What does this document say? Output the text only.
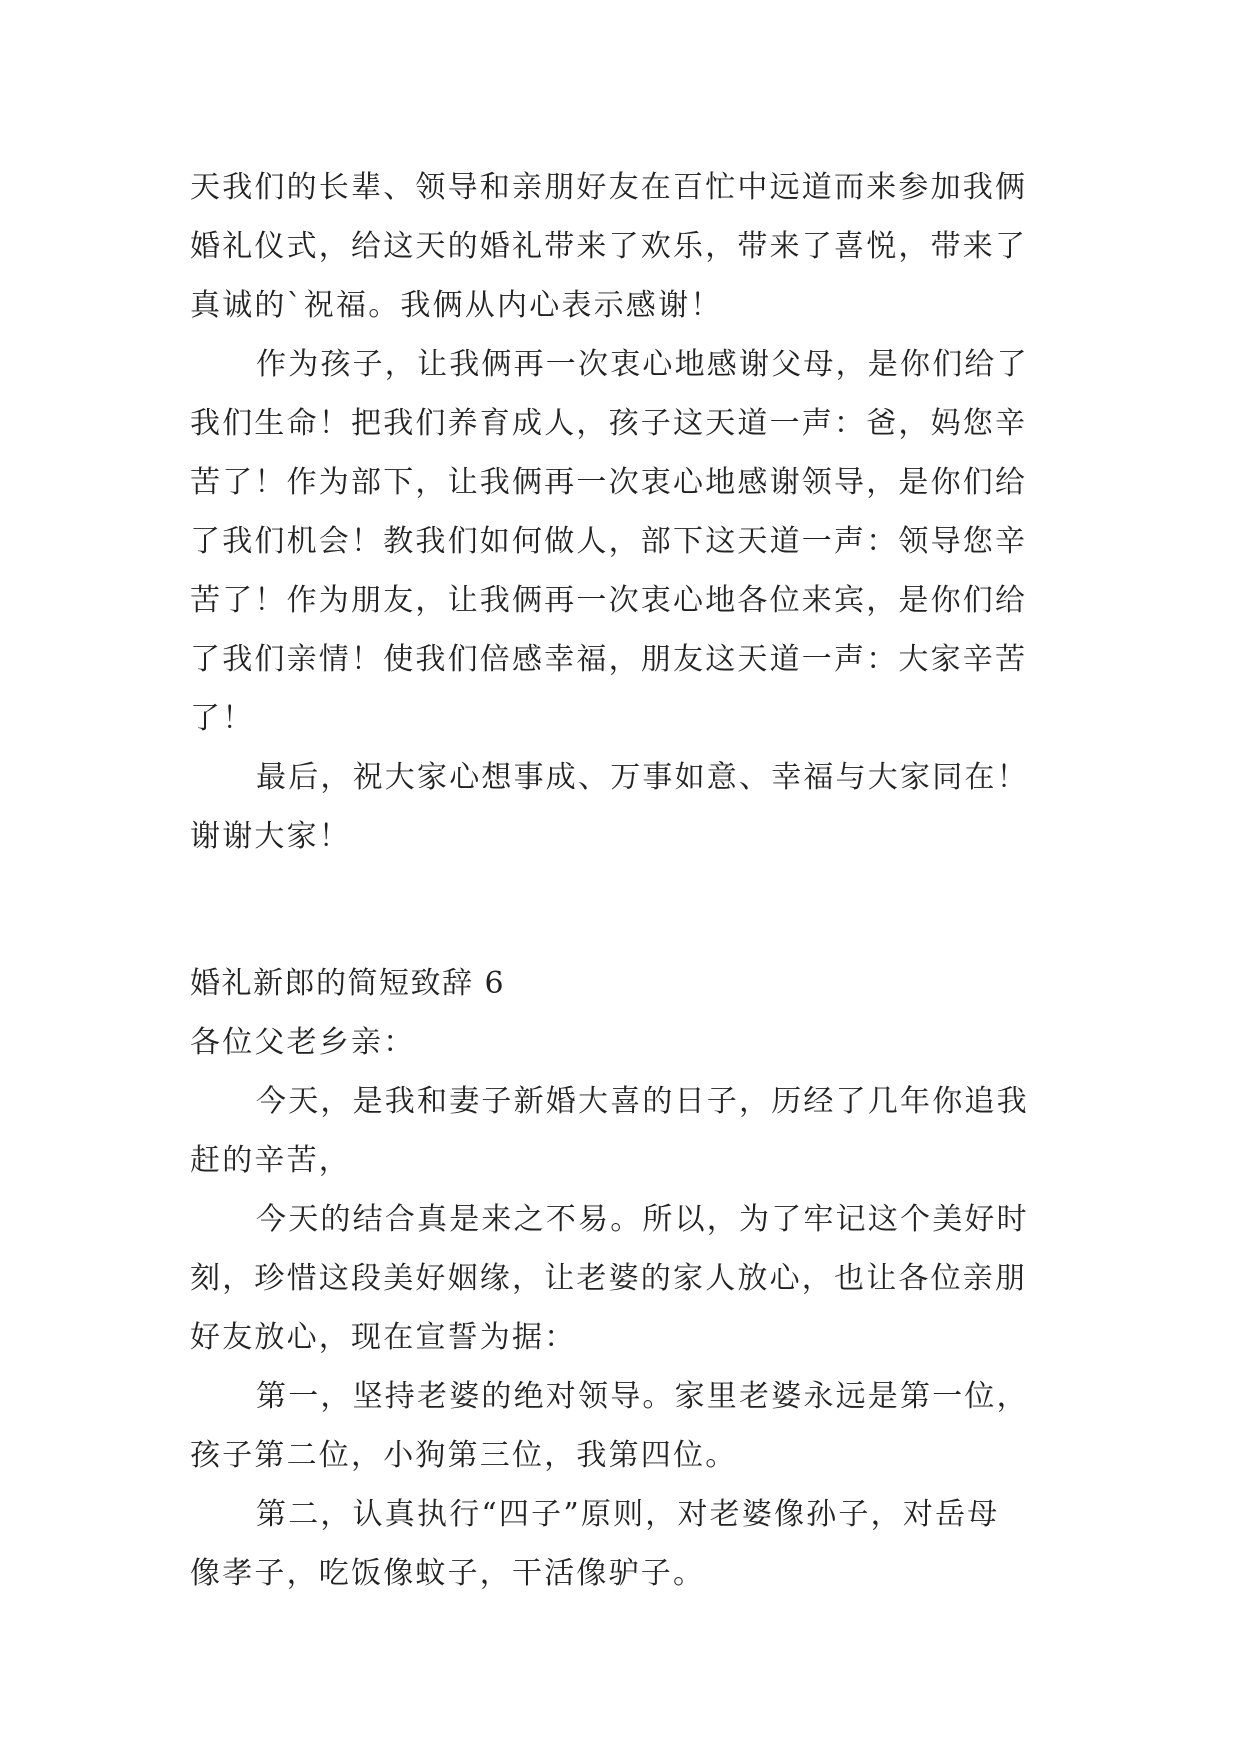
天我们的长辈、领导和亲朋好友在百忙中远道而来参加我俩

婚礼仪式，给这天的婚礼带来了欢乐，带来了喜悦，带来了

真诚的`祝福。我俩从内心表示感谢！

作为孩子，让我俩再一次衷心地感谢父母，是你们给了

我们生命！把我们养育成人，孩子这天道一声：爸，妈您辛

苦了！作为部下，让我俩再一次衷心地感谢领导，是你们给

了我们机会！教我们如何做人，部下这天道一声：领导您辛

苦了！作为朋友，让我俩再一次衷心地各位来宾，是你们给

了我们亲情！使我们倍感幸福，朋友这天道一声：大家辛苦

了！

最后，祝大家心想事成、万事如意、幸福与大家同在！

谢谢大家！

婚礼新郎的简短致辞 6

各位父老乡亲：

今天，是我和妻子新婚大喜的日子，历经了几年你追我

赶的辛苦，

今天的结合真是来之不易。所以，为了牢记这个美好时

刻，珍惜这段美好姻缘，让老婆的家人放心，也让各位亲朋

好友放心，现在宣誓为据：

第一，坚持老婆的绝对领导。家里老婆永远是第一位，

孩子第二位，小狗第三位，我第四位。

第二，认真执行“四子”原则，对老婆像孙子，对岳母

像孝子，吃饭像蚊子，干活像驴子。
